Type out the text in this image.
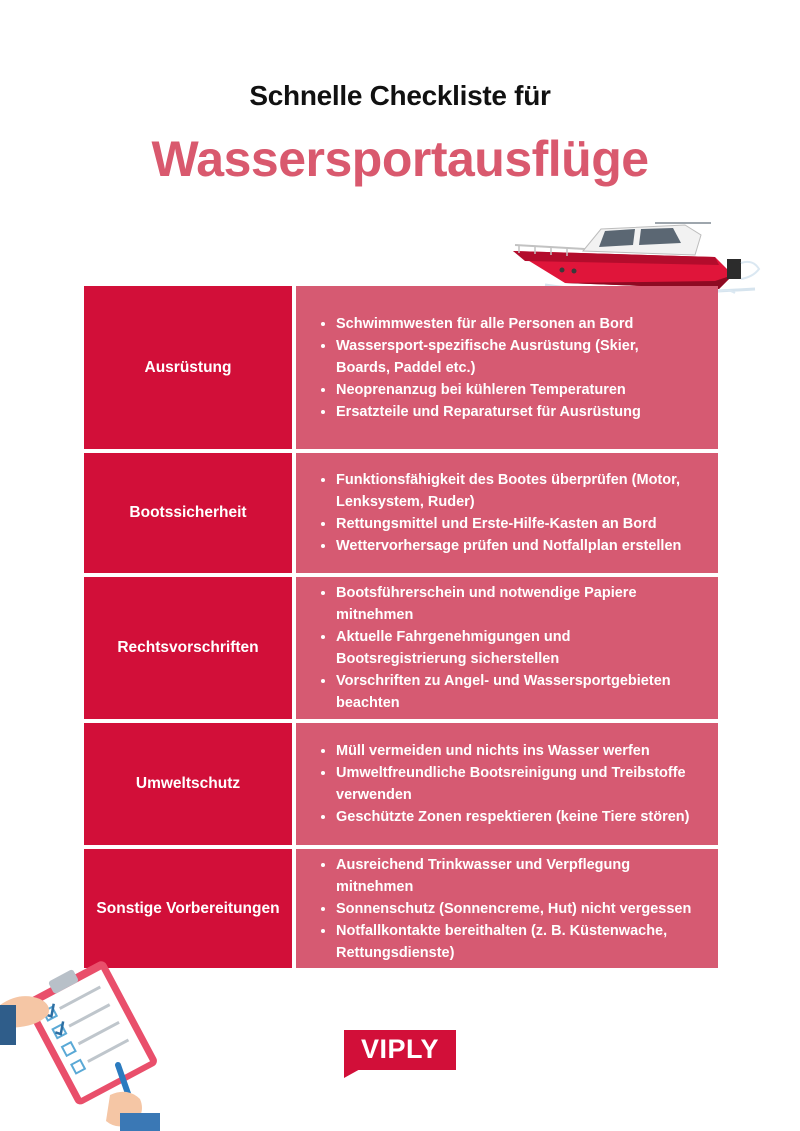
Schnelle Checkliste für
Wassersportausflüge
Ausrüstung
• Schwimmwesten für alle Personen an Bord
• Wassersport-spezifische Ausrüstung (Skier, Boards, Paddel etc.)
• Neoprenanzug bei kühleren Temperaturen
• Ersatzteile und Reparaturset für Ausrüstung
Bootssicherheit
• Funktionsfähigkeit des Bootes überprüfen (Motor, Lenksystem, Ruder)
• Rettungsmittel und Erste-Hilfe-Kasten an Bord
• Wettervorhersage prüfen und Notfallplan erstellen
Rechtsvorschriften
• Bootsführerschein und notwendige Papiere mitnehmen
• Aktuelle Fahrgenehmigungen und Bootsregistrierung sicherstellen
• Vorschriften zu Angel- und Wassersportgebieten beachten
Umweltschutz
• Müll vermeiden und nichts ins Wasser werfen
• Umweltfreundliche Bootsreinigung und Treibstoffe verwenden
• Geschützte Zonen respektieren (keine Tiere stören)
Sonstige Vorbereitungen
• Ausreichend Trinkwasser und Verpflegung mitnehmen
• Sonnenschutz (Sonnencreme, Hut) nicht vergessen
• Notfallkontakte bereithalten (z. B. Küstenwache, Rettungsdienste)
VIPLY
